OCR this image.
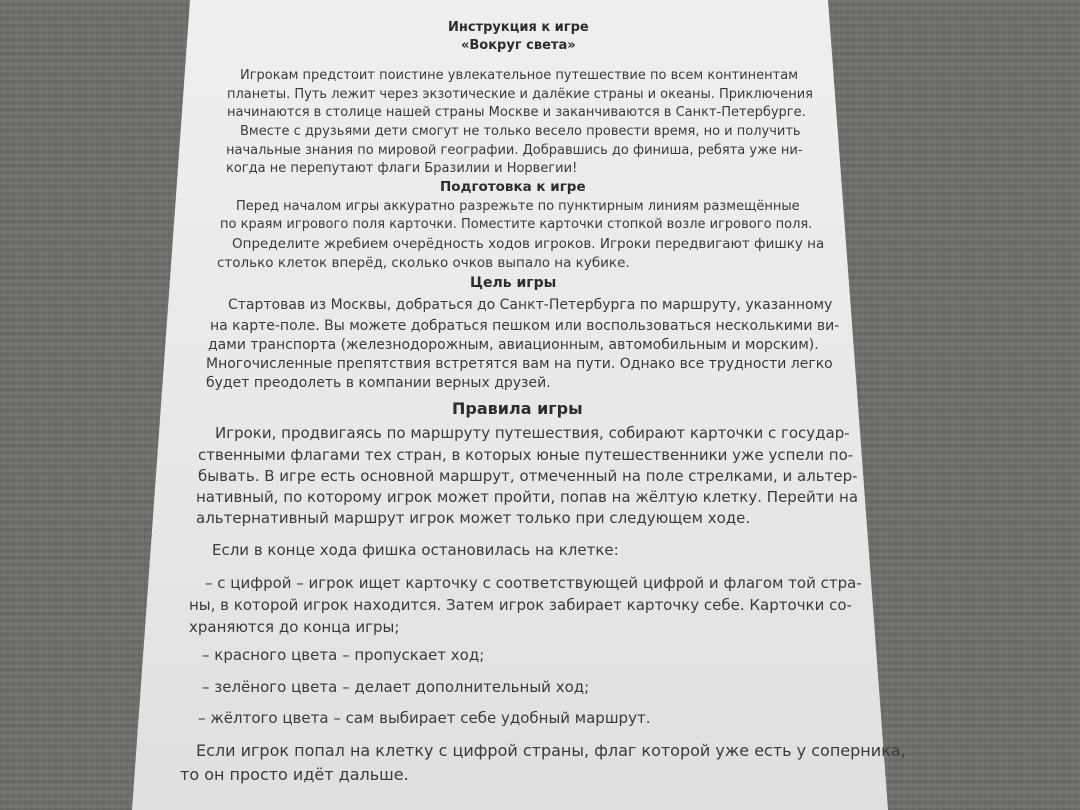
Инструкция к игре
«Вокруг света»
Игрокам предстоит поистине увлекательное путешествие по всем континентам
планеты. Путь лежит через экзотические и далёкие страны и океаны. Приключения
начинаются в столице нашей страны Москве и заканчиваются в Санкт-Петербурге.
Вместе с друзьями дети смогут не только весело провести время, но и получить
начальные знания по мировой географии. Добравшись до финиша, ребята уже ни-
когда не перепутают флаги Бразилии и Норвегии!
Подготовка к игре
Перед началом игры аккуратно разрежьте по пунктирным линиям размещённые
по краям игрового поля карточки. Поместите карточки стопкой возле игрового поля.
Определите жребием очерёдность ходов игроков. Игроки передвигают фишку на
столько клеток вперёд, сколько очков выпало на кубике.
Цель игры
Стартовав из Москвы, добраться до Санкт-Петербурга по маршруту, указанному
на карте-поле. Вы можете добраться пешком или воспользоваться несколькими ви-
дами транспорта (железнодорожным, авиационным, автомобильным и морским).
Многочисленные препятствия встретятся вам на пути. Однако все трудности легко
будет преодолеть в компании верных друзей.
Правила игры
Игроки, продвигаясь по маршруту путешествия, собирают карточки с государ-
ственными флагами тех стран, в которых юные путешественники уже успели по-
бывать. В игре есть основной маршрут, отмеченный на поле стрелками, и альтер-
нативный, по которому игрок может пройти, попав на жёлтую клетку. Перейти на
альтернативный маршрут игрок может только при следующем ходе.
Если в конце хода фишка остановилась на клетке:
– с цифрой – игрок ищет карточку с соответствующей цифрой и флагом той стра-
ны, в которой игрок находится. Затем игрок забирает карточку себе. Карточки со-
храняются до конца игры;
– красного цвета – пропускает ход;
– зелёного цвета – делает дополнительный ход;
– жёлтого цвета – сам выбирает себе удобный маршрут.
Если игрок попал на клетку с цифрой страны, флаг которой уже есть у соперника,
то он просто идёт дальше.
